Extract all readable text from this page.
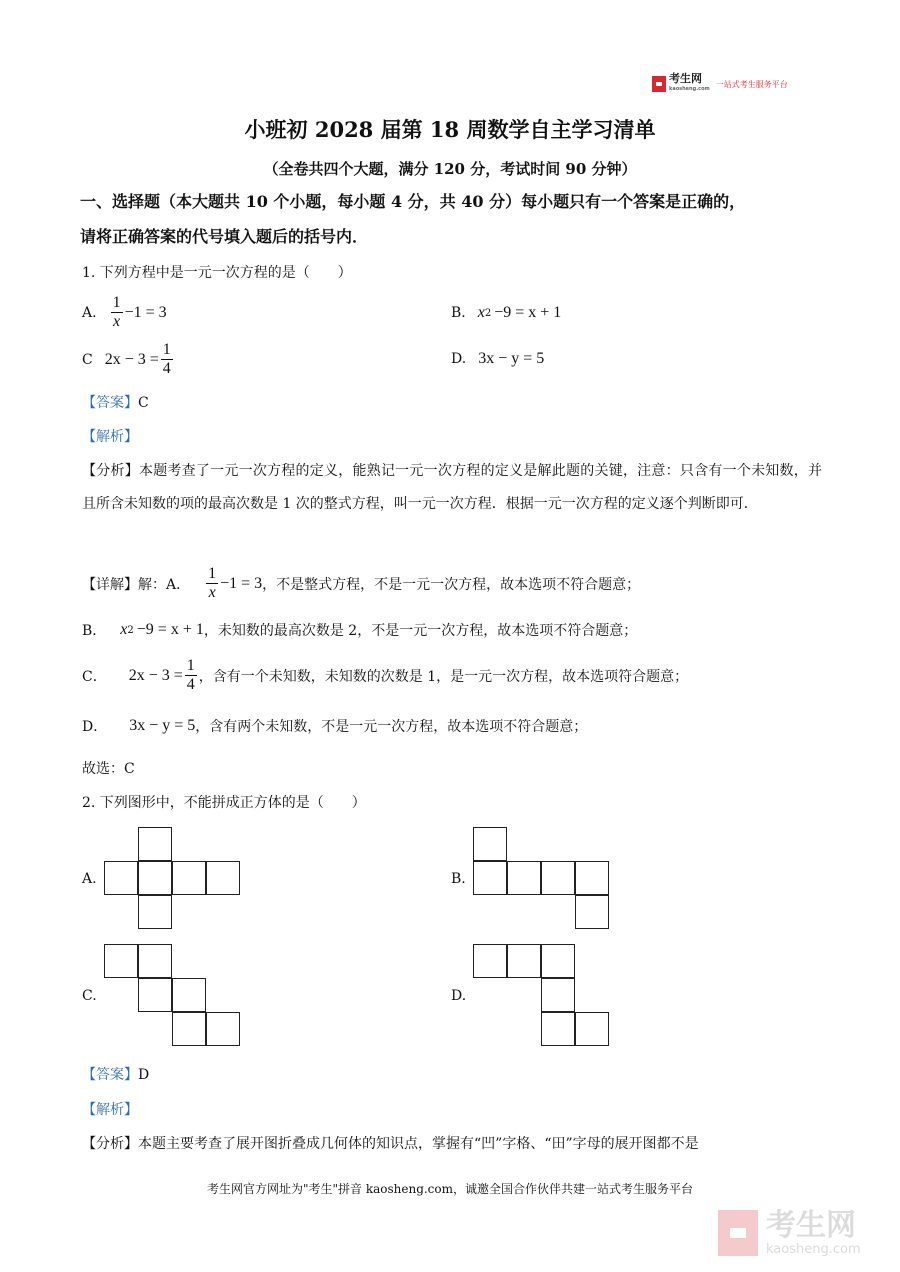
考生网
kaosheng.com
一站式考生服务平台
小班初 2028 届第 18 周数学自主学习清单
（全卷共四个大题，满分 120 分，考试时间 90 分钟）
一、选择题（本大题共 10 个小题，每小题 4 分，共 40 分）每小题只有一个答案是正确的，
请将正确答案的代号填入题后的括号内．
1. 下列方程中是一元一次方程的是（　　）
A. $\frac{1}{x} -1 = 3$	B. x 2 −9 = x + 1
C $2x - 3 = \frac{1}{4}$	D. 3x − y = 5
【答案】C
【解析】
【分析】本题考查了一元一次方程的定义，能熟记一元一次方程的定义是解此题的关键，注意：只含有一个未知数，并且所含未知数的项的最高次数是 1 次的整式方程，叫一元一次方程．根据一元一次方程的定义逐个判断即可．
【详解】 解：A． $\frac{1}{x} -1 = 3$ ，不是整式方程，不是一元一次方程，故本选项不符合题意；
B． x 2 −9 = x + 1 ，未知数的最高次数是 2，不是一元一次方程，故本选项不符合题意；
C． $2x - 3 = \frac{1}{4}$ ，含有一个未知数，未知数的次数是 1，是一元一次方程，故本选项符合题意；
D． 3x − y = 5 ，含有两个未知数，不是一元一次方程，故本选项不符合题意；
故选：C
2. 下列图形中，不能拼成正方体的是（　　）
A.	B.
C.	D.
【答案】D
【解析】
【分析】本题主要考查了展开图折叠成几何体的知识点，掌握有“凹”字格、“田”字母的展开图都不是
考生网官方网址为"考生"拼音 kaosheng.com，诚邀全国合作伙伴共建一站式考生服务平台
考生网
kaosheng.com
